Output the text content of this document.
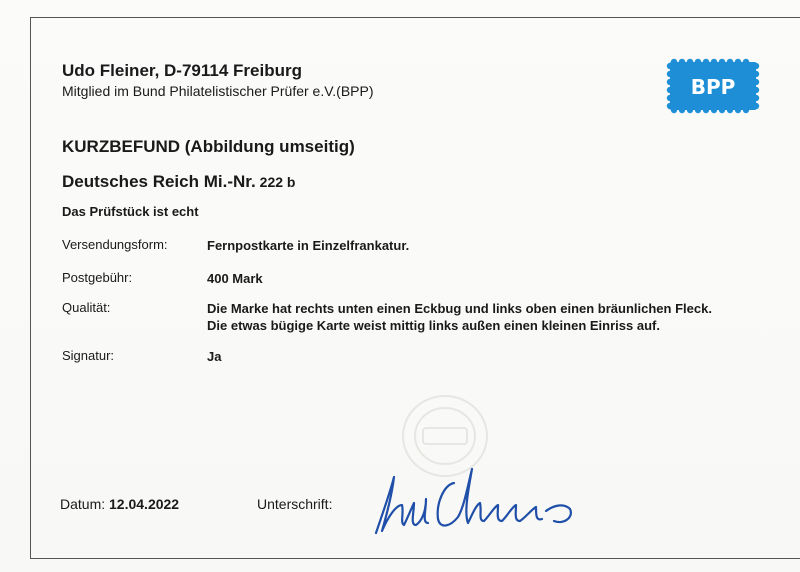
Udo Fleiner, D-79114 Freiburg
Mitglied im Bund Philatelistischer Prüfer e.V.(BPP)	BPP
KURZBEFUND (Abbildung umseitig)
Deutsches Reich Mi.-Nr. 222 b
Das Prüfstück ist echt
Versendungsform:	Fernpostkarte in Einzelfrankatur.
Postgebühr:	400 Mark
Qualität:	Die Marke hat rechts unten einen Eckbug und links oben einen bräunlichen Fleck.
Die etwas bügige Karte weist mittig links außen einen kleinen Einriss auf.
Signatur:	Ja
Datum: 12.04.2022	Unterschrift:
